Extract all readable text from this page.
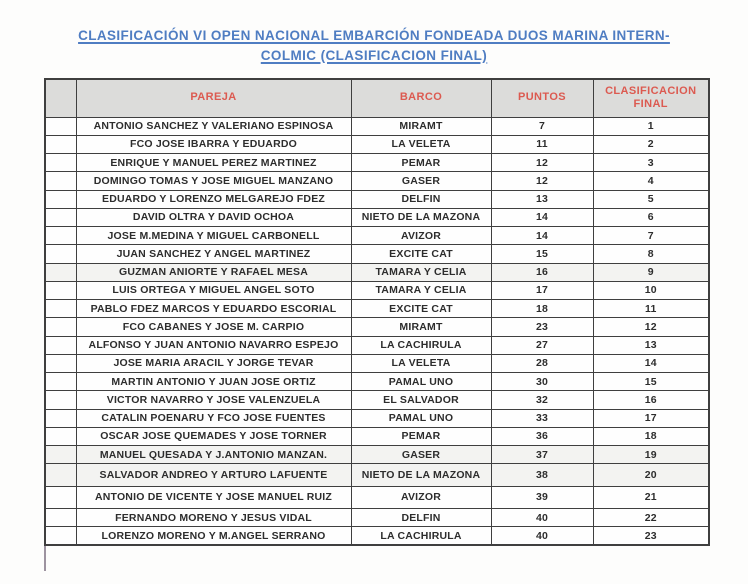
CLASIFICACIÓN VI OPEN NACIONAL EMBARCIÓN FONDEADA DUOS MARINA INTERN-
COLMIC (CLASIFICACION FINAL)
	PAREJA	BARCO	PUNTOS	CLASIFICACION FINAL
	ANTONIO SANCHEZ Y VALERIANO ESPINOSA	MIRAMT	7	1
	FCO JOSE IBARRA Y EDUARDO	LA VELETA	11	2
	ENRIQUE Y MANUEL PEREZ MARTINEZ	PEMAR	12	3
	DOMINGO TOMAS Y JOSE MIGUEL MANZANO	GASER	12	4
	EDUARDO Y LORENZO MELGAREJO FDEZ	DELFIN	13	5
	DAVID OLTRA Y DAVID OCHOA	NIETO DE LA MAZONA	14	6
	JOSE M.MEDINA Y MIGUEL CARBONELL	AVIZOR	14	7
	JUAN SANCHEZ Y ANGEL MARTINEZ	EXCITE CAT	15	8
	GUZMAN ANIORTE Y RAFAEL MESA	TAMARA Y CELIA	16	9
	LUIS ORTEGA Y MIGUEL ANGEL SOTO	TAMARA Y CELIA	17	10
	PABLO FDEZ MARCOS Y EDUARDO ESCORIAL	EXCITE CAT	18	11
	FCO CABANES Y JOSE M. CARPIO	MIRAMT	23	12
	ALFONSO Y JUAN ANTONIO NAVARRO ESPEJO	LA CACHIRULA	27	13
	JOSE MARIA ARACIL Y JORGE TEVAR	LA VELETA	28	14
	MARTIN ANTONIO Y JUAN JOSE ORTIZ	PAMAL UNO	30	15
	VICTOR NAVARRO Y JOSE VALENZUELA	EL SALVADOR	32	16
	CATALIN POENARU Y FCO JOSE FUENTES	PAMAL UNO	33	17
	OSCAR JOSE QUEMADES Y JOSE TORNER	PEMAR	36	18
	MANUEL QUESADA Y J.ANTONIO MANZAN.	GASER	37	19
	SALVADOR ANDREO Y ARTURO LAFUENTE	NIETO DE LA MAZONA	38	20
	ANTONIO DE VICENTE Y JOSE MANUEL RUIZ	AVIZOR	39	21
	FERNANDO MORENO Y JESUS VIDAL	DELFIN	40	22
	LORENZO MORENO Y M.ANGEL SERRANO	LA CACHIRULA	40	23
